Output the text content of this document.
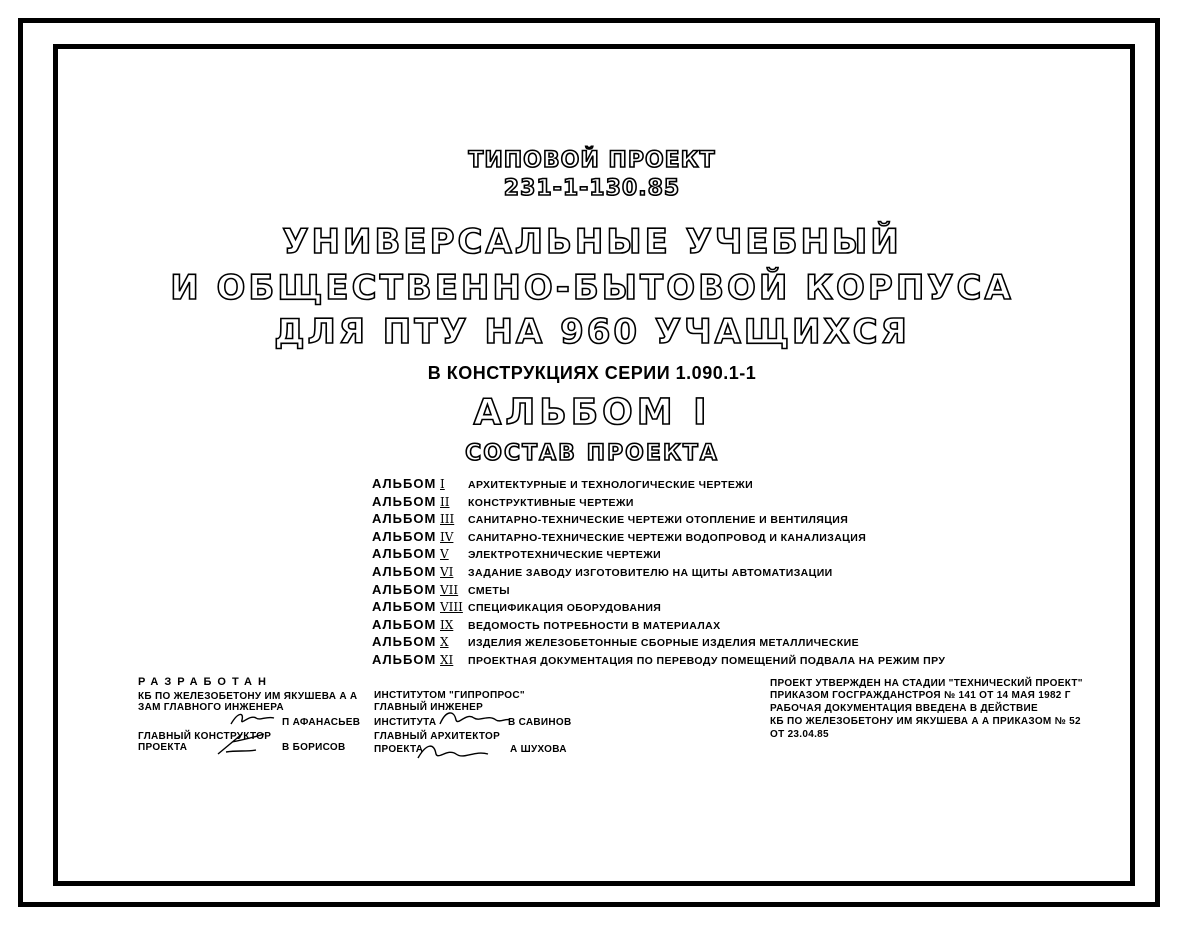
ТИПОВОЙ ПРОЕКТ
231-1-130.85
УНИВЕРСАЛЬНЫЕ УЧЕБНЫЙ
И ОБЩЕСТВЕННО-БЫТОВОЙ КОРПУСА
ДЛЯ ПТУ НА 960 УЧАЩИХСЯ
В КОНСТРУКЦИЯХ СЕРИИ 1.090.1-1
АЛЬБОМ I
СОСТАВ ПРОЕКТА
АЛЬБОМ I	АРХИТЕКТУРНЫЕ И ТЕХНОЛОГИЧЕСКИЕ ЧЕРТЕЖИ
АЛЬБОМ II	КОНСТРУКТИВНЫЕ ЧЕРТЕЖИ
АЛЬБОМ III	САНИТАРНО-ТЕХНИЧЕСКИЕ ЧЕРТЕЖИ ОТОПЛЕНИЕ И ВЕНТИЛЯЦИЯ
АЛЬБОМ IV	САНИТАРНО-ТЕХНИЧЕСКИЕ ЧЕРТЕЖИ ВОДОПРОВОД И КАНАЛИЗАЦИЯ
АЛЬБОМ V	ЭЛЕКТРОТЕХНИЧЕСКИЕ ЧЕРТЕЖИ
АЛЬБОМ VI	ЗАДАНИЕ ЗАВОДУ ИЗГОТОВИТЕЛЮ НА ЩИТЫ АВТОМАТИЗАЦИИ
АЛЬБОМ VII СМЕТЫ
АЛЬБОМ VIII СПЕЦИФИКАЦИЯ ОБОРУДОВАНИЯ
АЛЬБОМ IX	ВЕДОМОСТЬ ПОТРЕБНОСТИ В МАТЕРИАЛАХ
АЛЬБОМ X	ИЗДЕЛИЯ ЖЕЛЕЗОБЕТОННЫЕ СБОРНЫЕ ИЗДЕЛИЯ МЕТАЛЛИЧЕСКИЕ
АЛЬБОМ XI	ПРОЕКТНАЯ ДОКУМЕНТАЦИЯ ПО ПЕРЕВОДУ ПОМЕЩЕНИЙ ПОДВАЛА НА РЕЖИМ ПРУ
РАЗРАБОТАН
КБ ПО ЖЕЛЕЗОБЕТОНУ ИМ ЯКУШЕВА А А
ЗАМ ГЛАВНОГО ИНЖЕНЕРА
П АФАНАСЬЕВ
ГЛАВНЫЙ КОНСТРУКТОР
ПРОЕКТА	В БОРИСОВ
ИНСТИТУТОМ "ГИПРОПРОС"
ГЛАВНЫЙ ИНЖЕНЕР
ИНСТИТУТА	В САВИНОВ
ГЛАВНЫЙ АРХИТЕКТОР
ПРОЕКТА	А ШУХОВА
ПРОЕКТ УТВЕРЖДЕН НА СТАДИИ "ТЕХНИЧЕСКИЙ ПРОЕКТ"
ПРИКАЗОМ ГОСГРАЖДАНСТРОЯ № 141 ОТ 14 МАЯ 1982 Г
РАБОЧАЯ ДОКУМЕНТАЦИЯ ВВЕДЕНА В ДЕЙСТВИЕ
КБ ПО ЖЕЛЕЗОБЕТОНУ ИМ ЯКУШЕВА А А ПРИКАЗОМ № 52
ОТ 23.04.85
